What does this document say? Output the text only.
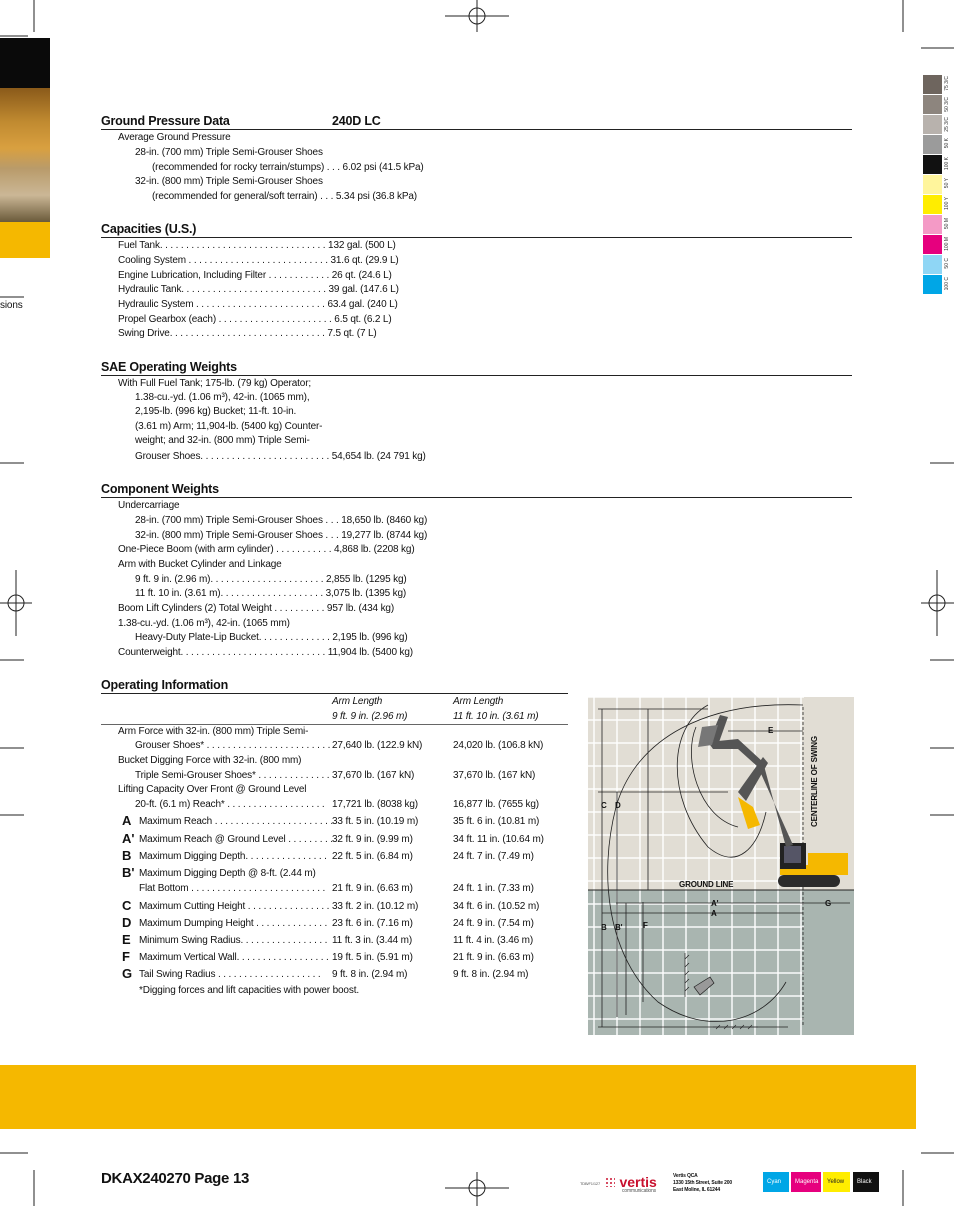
sions
75 3/C
50 3/C
25 3/C
50 K
100 K
50 Y
100 Y
50 M
100 M
50 C
100 C
Ground Pressure Data	240D LC
Average Ground Pressure
28-in. (700 mm) Triple Semi-Grouser Shoes
(recommended for rocky terrain/stumps) . . . 6.02 psi (41.5 kPa)
32-in. (800 mm) Triple Semi-Grouser Shoes
(recommended for general/soft terrain) . . . 5.34 psi (36.8 kPa)
Capacities (U.S.)
Fuel Tank. . . . . . . . . . . . . . . . . . . . . . . . . . . . . . . . 132 gal. (500 L)
Cooling System . . . . . . . . . . . . . . . . . . . . . . . . . . . 31.6 qt. (29.9 L)
Engine Lubrication, Including Filter . . . . . . . . . . . . 26 qt. (24.6 L)
Hydraulic Tank. . . . . . . . . . . . . . . . . . . . . . . . . . . . 39 gal. (147.6 L)
Hydraulic System . . . . . . . . . . . . . . . . . . . . . . . . . 63.4 gal. (240 L)
Propel Gearbox (each) . . . . . . . . . . . . . . . . . . . . . . 6.5 qt. (6.2 L)
Swing Drive. . . . . . . . . . . . . . . . . . . . . . . . . . . . . . 7.5 qt. (7 L)
SAE Operating Weights
With Full Fuel Tank; 175-lb. (79 kg) Operator;
1.38-cu.-yd. (1.06 m³), 42-in. (1065 mm),
2,195-lb. (996 kg) Bucket; 11-ft. 10-in.
(3.61 m) Arm; 11,904-lb. (5400 kg) Counter-
weight; and 32-in. (800 mm) Triple Semi-
Grouser Shoes. . . . . . . . . . . . . . . . . . . . . . . . . 54,654 lb. (24 791 kg)
Component Weights
Undercarriage
28-in. (700 mm) Triple Semi-Grouser Shoes . . . 18,650 lb. (8460 kg)
32-in. (800 mm) Triple Semi-Grouser Shoes . . . 19,277 lb. (8744 kg)
One-Piece Boom (with arm cylinder) . . . . . . . . . . . 4,868 lb. (2208 kg)
Arm with Bucket Cylinder and Linkage
9 ft. 9 in. (2.96 m). . . . . . . . . . . . . . . . . . . . . . 2,855 lb. (1295 kg)
11 ft. 10 in. (3.61 m). . . . . . . . . . . . . . . . . . . . 3,075 lb. (1395 kg)
Boom Lift Cylinders (2) Total Weight . . . . . . . . . . 957 lb. (434 kg)
1.38-cu.-yd. (1.06 m³), 42-in. (1065 mm)
Heavy-Duty Plate-Lip Bucket. . . . . . . . . . . . . . 2,195 lb. (996 kg)
Counterweight. . . . . . . . . . . . . . . . . . . . . . . . . . . . 11,904 lb. (5400 kg)
Operating Information
Arm Length
9 ft. 9 in. (2.96 m)
Arm Length
11 ft. 10 in. (3.61 m)
Arm Force with 32-in. (800 mm) Triple Semi-
Grouser Shoes* . . . . . . . . . . . . . . . . . . . . . . . . 27,640 lb. (122.9 kN)	24,020 lb. (106.8 kN)
Bucket Digging Force with 32-in. (800 mm)
Triple Semi-Grouser Shoes* . . . . . . . . . . . . . . 37,670 lb. (167 kN)	37,670 lb. (167 kN)
Lifting Capacity Over Front @ Ground Level
20-ft. (6.1 m) Reach* . . . . . . . . . . . . . . . . . . . 17,721 lb. (8038 kg)	16,877 lb. (7655 kg)
A Maximum Reach . . . . . . . . . . . . . . . . . . . . . . . 33 ft. 5 in. (10.19 m)	35 ft. 6 in. (10.81 m)
A' Maximum Reach @ Ground Level . . . . . . . . . 32 ft. 9 in. (9.99 m)	34 ft. 11 in. (10.64 m)
B Maximum Digging Depth. . . . . . . . . . . . . . . . 22 ft. 5 in. (6.84 m)	24 ft. 7 in. (7.49 m)
B' Maximum Digging Depth @ 8-ft. (2.44 m)
Flat Bottom . . . . . . . . . . . . . . . . . . . . . . . . . . 21 ft. 9 in. (6.63 m)	24 ft. 1 in. (7.33 m)
C Maximum Cutting Height . . . . . . . . . . . . . . . . 33 ft. 2 in. (10.12 m)	34 ft. 6 in. (10.52 m)
D Maximum Dumping Height . . . . . . . . . . . . . . 23 ft. 6 in. (7.16 m)	24 ft. 9 in. (7.54 m)
E Minimum Swing Radius. . . . . . . . . . . . . . . . . 11 ft. 3 in. (3.44 m)	11 ft. 4 in. (3.46 m)
F Maximum Vertical Wall. . . . . . . . . . . . . . . . . . 19 ft. 5 in. (5.91 m)	21 ft. 9 in. (6.63 m)
G Tail Swing Radius . . . . . . . . . . . . . . . . . . . . 9 ft. 8 in. (2.94 m)	9 ft. 8 in. (2.94 m)
*Digging forces and lift capacities with power boost.
CENTERLINE OF SWING
GROUND LINE
C D
E
G
A'
A
B B'	F
DKAX240270 Page 13	TDB/F1/127	vertis
communications
Vertis QCA
1330 15th Street, Suite 200
East Moline, IL 61244
Cyan	Magenta	Yellow	Black
